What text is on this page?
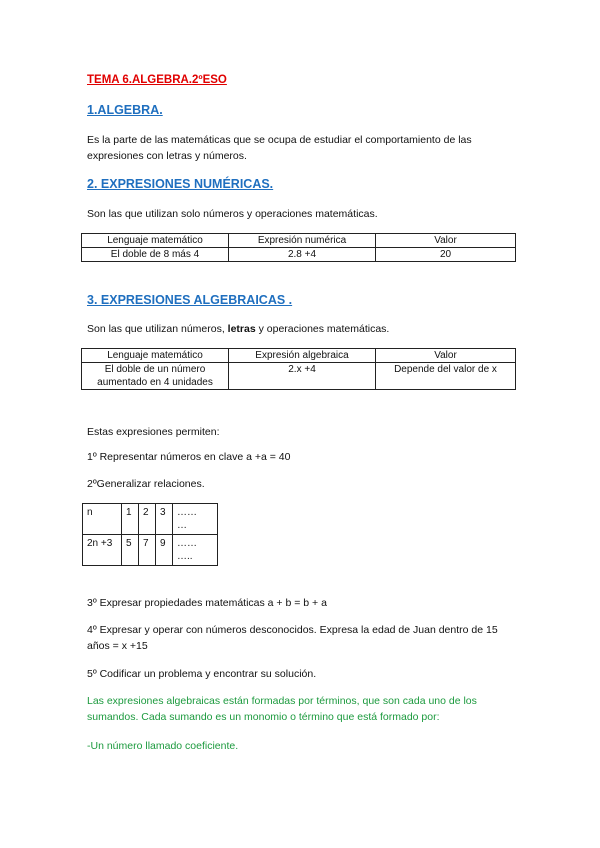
TEMA 6.ALGEBRA.2ºESO
1.ALGEBRA.

Es la parte de las matemáticas que se ocupa de estudiar el comportamiento de las

expresiones con letras y números.

2. EXPRESIONES NUMÉRICAS.

Son las que utilizan solo números y operaciones matemáticas.

Lenguaje matemático	Expresión numérica	Valor
El doble de 8 más 4	2.8 +4	20
3. EXPRESIONES ALGEBRAICAS .

Son las que utilizan números, letras y operaciones matemáticas.

Lenguaje matemático	Expresión algebraica	Valor

El doble de un número
aumentado en 4 unidades	2.x +4	Depende del valor de x

Estas expresiones permiten:

1º Representar números en clave a +a = 40

2ºGeneralizar relaciones.

n	1	2	3	……
…

2n +3	5	7	9	……
…..

3º Expresar propiedades matemáticas a + b = b + a

4º Expresar y operar con números desconocidos. Expresa la edad de Juan dentro de 15

años = x +15

5º Codificar un problema y encontrar su solución.

Las expresiones algebraicas están formadas por términos, que son cada uno de los

sumandos. Cada sumando es un monomio o término que está formado por:

-Un número llamado coeficiente.
